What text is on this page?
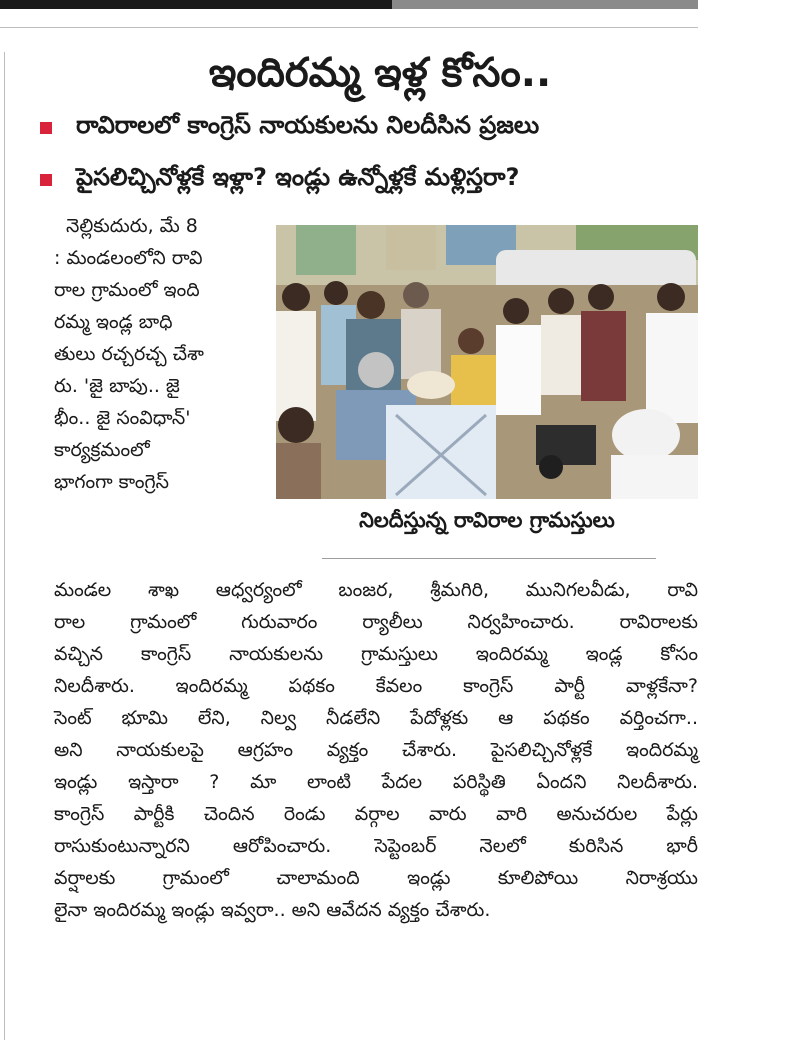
ఇందిరమ్మ ఇళ్ల కోసం..
రావిరాలలో కాంగ్రెస్ నాయకులను నిలదీసిన ప్రజలు
పైసలిచ్చినోళ్లకే ఇళ్లా? ఇండ్లు ఉన్నోళ్లకే మళ్లిస్తరా?
నెల్లికుదురు, మే 8
: మండలంలోని రావి
రాల గ్రామంలో ఇంది
రమ్మ ఇండ్ల బాధి
తులు రచ్చరచ్చ చేశా
రు. 'జై బాపు.. జై
భీం.. జై సంవిధాన్'
కార్యక్రమంలో
భాగంగా కాంగ్రెస్
నిలదీస్తున్న రావిరాల గ్రామస్తులు
మండల శాఖ ఆధ్వర్యంలో బంజర, శ్రీమగిరి, మునిగలవీడు, రావి
రాల గ్రామంలో గురువారం ర్యాలీలు నిర్వహించారు. రావిరాలకు
వచ్చిన కాంగ్రెస్ నాయకులను గ్రామస్తులు ఇందిరమ్మ ఇండ్ల కోసం
నిలదీశారు. ఇందిరమ్మ పథకం కేవలం కాంగ్రెస్ పార్టీ వాళ్లకేనా?
సెంట్ భూమి లేని, నిల్వ నీడలేని పేదోళ్లకు ఆ పథకం వర్తించగా..
అని నాయకులపై ఆగ్రహం వ్యక్తం చేశారు. పైసలిచ్చినోళ్లకే ఇందిరమ్మ
ఇండ్లు ఇస్తారా ? మా లాంటి పేదల పరిస్థితి ఏందని నిలదీశారు.
కాంగ్రెస్ పార్టీకి చెందిన రెండు వర్గాల వారు వారి అనుచరుల పేర్లు
రాసుకుంటున్నారని ఆరోపించారు. సెప్టెంబర్ నెలలో కురిసిన భారీ
వర్షాలకు గ్రామంలో చాలామంది ఇండ్లు కూలిపోయి నిరాశ్రయు
లైనా ఇందిరమ్మ ఇండ్లు ఇవ్వరా.. అని ఆవేదన వ్యక్తం చేశారు.
